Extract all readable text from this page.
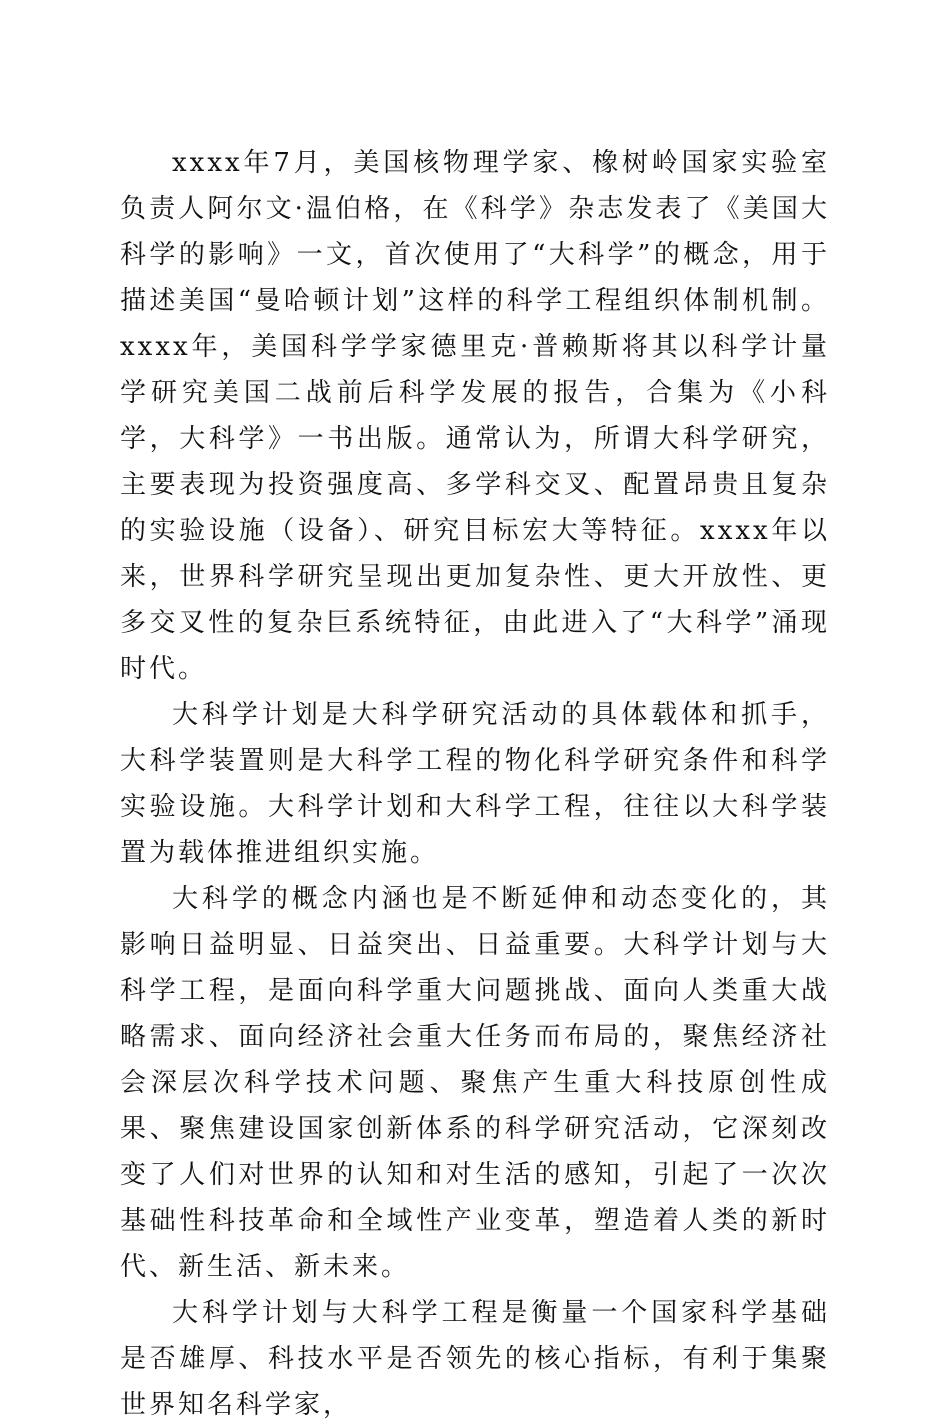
xxxx年7月，美国核物理学家、橡树岭国家实验室负责人阿尔文·温伯格，在《科学》杂志发表了《美国大科学的影响》一文，首次使用了“大科学”的概念，用于描述美国“曼哈顿计划”这样的科学工程组织体制机制。xxxx年，美国科学学家德里克·普赖斯将其以科学计量学研究美国二战前后科学发展的报告，合集为《小科学，大科学》一书出版。通常认为，所谓大科学研究，主要表现为投资强度高、多学科交叉、配置昂贵且复杂的实验设施（设备）、研究目标宏大等特征。xxxx年以来，世界科学研究呈现出更加复杂性、更大开放性、更多交叉性的复杂巨系统特征，由此进入了“大科学”涌现时代。

大科学计划是大科学研究活动的具体载体和抓手，大科学装置则是大科学工程的物化科学研究条件和科学实验设施。大科学计划和大科学工程，往往以大科学装置为载体推进组织实施。

大科学的概念内涵也是不断延伸和动态变化的，其影响日益明显、日益突出、日益重要。大科学计划与大科学工程，是面向科学重大问题挑战、面向人类重大战略需求、面向经济社会重大任务而布局的，聚焦经济社会深层次科学技术问题、聚焦产生重大科技原创性成果、聚焦建设国家创新体系的科学研究活动，它深刻改变了人们对世界的认知和对生活的感知，引起了一次次基础性科技革命和全域性产业变革，塑造着人类的新时代、新生活、新未来。

大科学计划与大科学工程是衡量一个国家科学基础是否雄厚、科技水平是否领先的核心指标，有利于集聚世界知名科学家，
